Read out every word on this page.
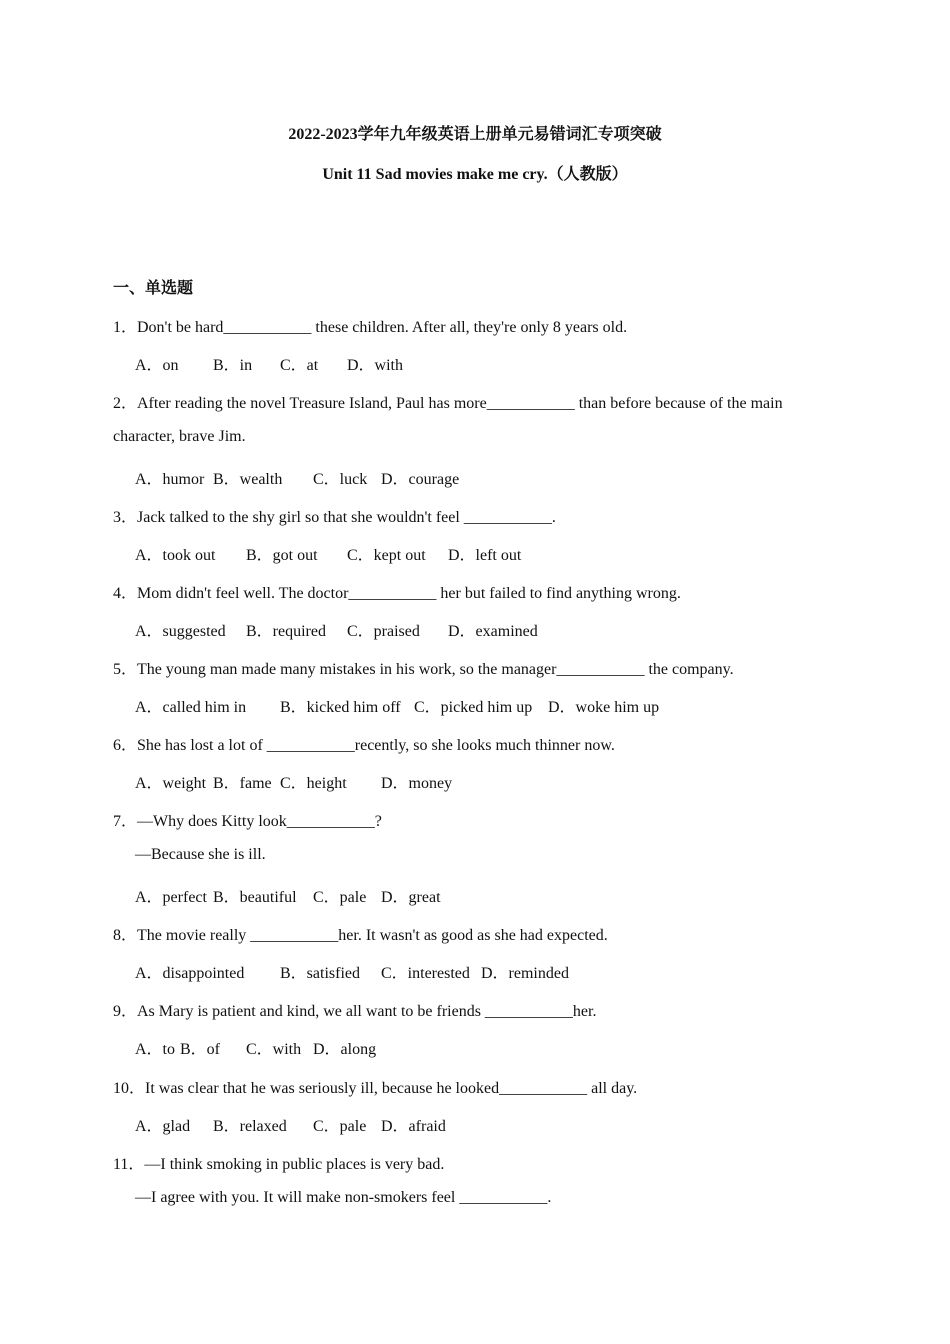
2022-2023学年九年级英语上册单元易错词汇专项突破
Unit 11 Sad movies make me cry.（人教版）
一、单选题
1．Don't be hard___________ these children. After all, they're only 8 years old.
A．on B．in C．at D．with
2．After reading the novel Treasure Island, Paul has more___________ than before because of the main
character, brave Jim.
A．humor B．wealth C．luck D．courage
3．Jack talked to the shy girl so that she wouldn't feel ___________.
A．took out B．got out C．kept out D．left out
4．Mom didn't feel well. The doctor___________ her but failed to find anything wrong.
A．suggested B．required C．praised D．examined
5．The young man made many mistakes in his work, so the manager___________ the company.
A．called him in B．kicked him off C．picked him up D．woke him up
6．She has lost a lot of ___________recently, so she looks much thinner now.
A．weight B．fame C．height D．money
7．—Why does Kitty look___________?
—Because she is ill.
A．perfect B．beautiful C．pale D．great
8．The movie really ___________her. It wasn't as good as she had expected.
A．disappointed B．satisfied C．interested D．reminded
9．As Mary is patient and kind, we all want to be friends ___________her.
A．to B．of C．with D．along
10．It was clear that he was seriously ill, because he looked___________ all day.
A．glad B．relaxed C．pale D．afraid
11．—I think smoking in public places is very bad.
—I agree with you. It will make non-smokers feel ___________.
